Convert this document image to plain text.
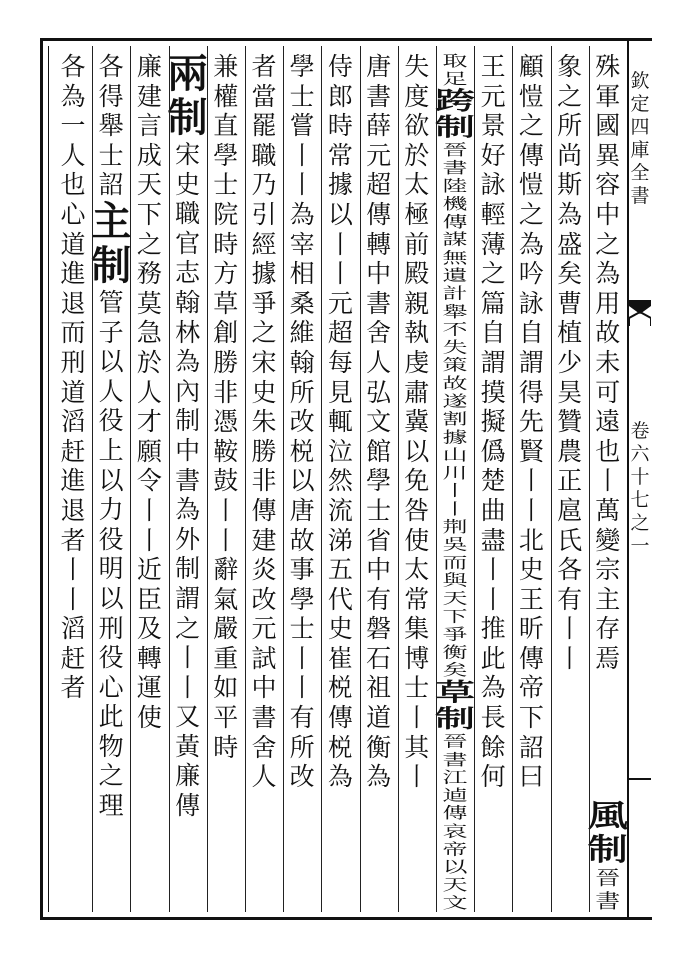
欽
定
四
庫
全
書
卷
六
十
七
之
一
殊
軍
國
異
容
中
之
為
用
故
未
可
遠
也
丨
萬
變
宗
主
存
焉
象
之
所
尚
斯
為
盛
矣
曹
植
少
昊
贊
農
正
扈
氏
各
有
丨
丨
顧
愷
之
傳
愷
之
為
吟
詠
自
謂
得
先
賢
丨
丨
北
史
王
昕
傳
帝
下
詔
曰
王
元
景
好
詠
輕
薄
之
篇
自
謂
摸
擬
僞
楚
曲
盡
丨
丨
推
此
為
長
餘
何
取
足
跨
制
晉
書
陸
機
傳
謀
無
遺
計
舉
不
失
策
故
遂
割
據
山
川
丨
丨
荆
吳
而
與
天
下
爭
衡
矣
草
制
晉
書
江
逌
傳
哀
帝
以
天
文
失
度
欲
於
太
極
前
殿
親
執
虔
肅
冀
以
免
咎
使
太
常
集
博
士
丨
其
丨
唐
書
薛
元
超
傳
轉
中
書
舍
人
弘
文
館
學
士
省
中
有
磐
石
祖
道
衡
為
侍
郎
時
常
據
以
丨
丨
元
超
每
見
輒
泣
然
流
涕
五
代
史
崔
棁
傳
棁
為
學
士
嘗
丨
丨
為
宰
相
桑
維
翰
所
改
棁
以
唐
故
事
學
士
丨
丨
有
所
改
者
當
罷
職
乃
引
經
據
爭
之
宋
史
朱
勝
非
傳
建
炎
改
元
試
中
書
舍
人
兼
權
直
學
士
院
時
方
草
創
勝
非
憑
鞍
鼓
丨
丨
辭
氣
嚴
重
如
平
時
兩
制
宋
史
職
官
志
翰
林
為
內
制
中
書
為
外
制
謂
之
丨
丨
又
黃
廉
傳
廉
建
言
成
天
下
之
務
莫
急
於
人
才
願
令
丨
丨
近
臣
及
轉
運
使
各
得
舉
士
詔
主
制
管
子
以
人
役
上
以
力
役
明
以
刑
役
心
此
物
之
理
各
為
一
人
也
心
道
進
退
而
刑
道
滔
赶
進
退
者
丨
丨
滔
赶
者
風
制
晉
書
